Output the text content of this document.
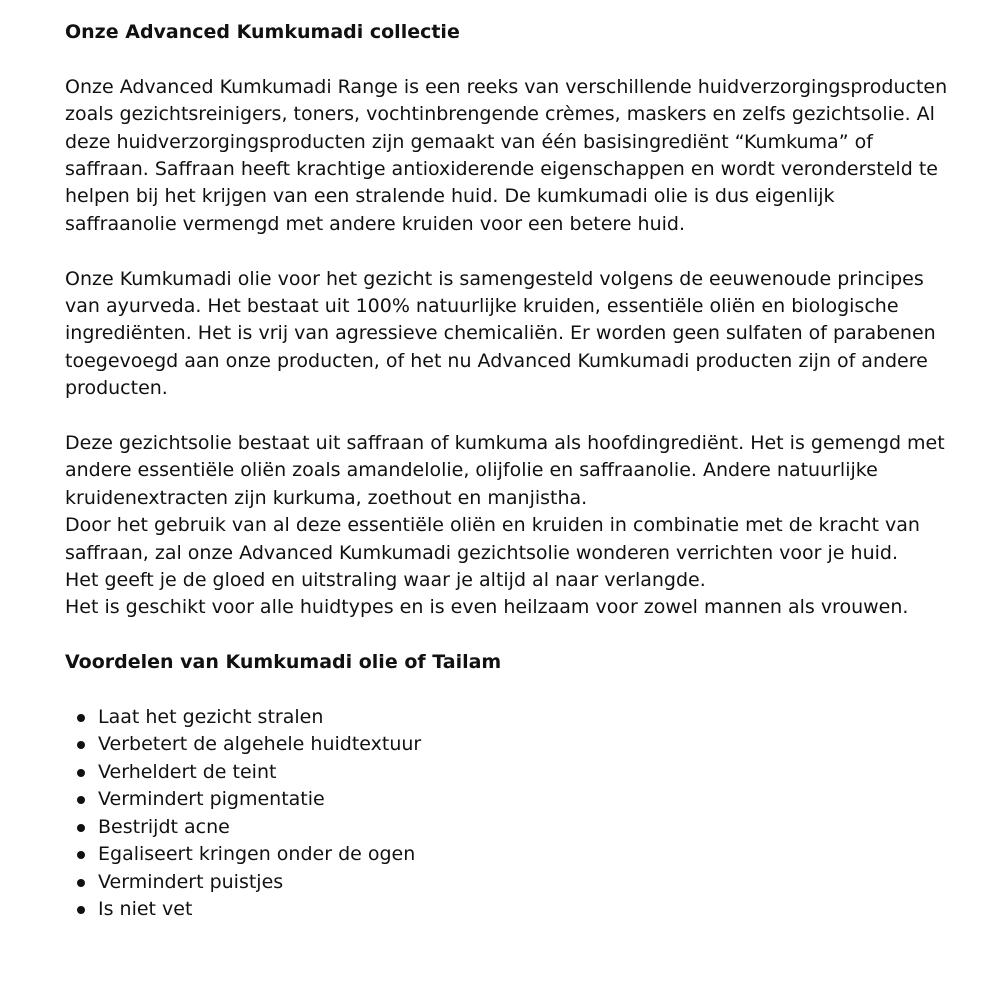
Onze Advanced Kumkumadi collectie

Onze Advanced Kumkumadi Range is een reeks van verschillende huidverzorgingsproducten zoals gezichtsreinigers, toners, vochtinbrengende crèmes, maskers en zelfs gezichtsolie. Al deze huidverzorgingsproducten zijn gemaakt van één basisingrediënt “Kumkuma” of saffraan. Saffraan heeft krachtige antioxiderende eigenschappen en wordt verondersteld te helpen bij het krijgen van een stralende huid. De kumkumadi olie is dus eigenlijk saffraanolie vermengd met andere kruiden voor een betere huid.

Onze Kumkumadi olie voor het gezicht is samengesteld volgens de eeuwenoude principes van ayurveda. Het bestaat uit 100% natuurlijke kruiden, essentiële oliën en biologische ingrediënten. Het is vrij van agressieve chemicaliën. Er worden geen sulfaten of parabenen toegevoegd aan onze producten, of het nu Advanced Kumkumadi producten zijn of andere producten.

Deze gezichtsolie bestaat uit saffraan of kumkuma als hoofdingrediënt. Het is gemengd met andere essentiële oliën zoals amandelolie, olijfolie en saffraanolie. Andere natuurlijke kruidenextracten zijn kurkuma, zoethout en manjistha.

Door het gebruik van al deze essentiële oliën en kruiden in combinatie met de kracht van saffraan, zal onze Advanced Kumkumadi gezichtsolie wonderen verrichten voor je huid.

Het geeft je de gloed en uitstraling waar je altijd al naar verlangde.

Het is geschikt voor alle huidtypes en is even heilzaam voor zowel mannen als vrouwen.

Voordelen van Kumkumadi olie of Tailam
Laat het gezicht stralen
Verbetert de algehele huidtextuur
Verheldert de teint
Vermindert pigmentatie
Bestrijdt acne
Egaliseert kringen onder de ogen
Vermindert puistjes
Is niet vet
